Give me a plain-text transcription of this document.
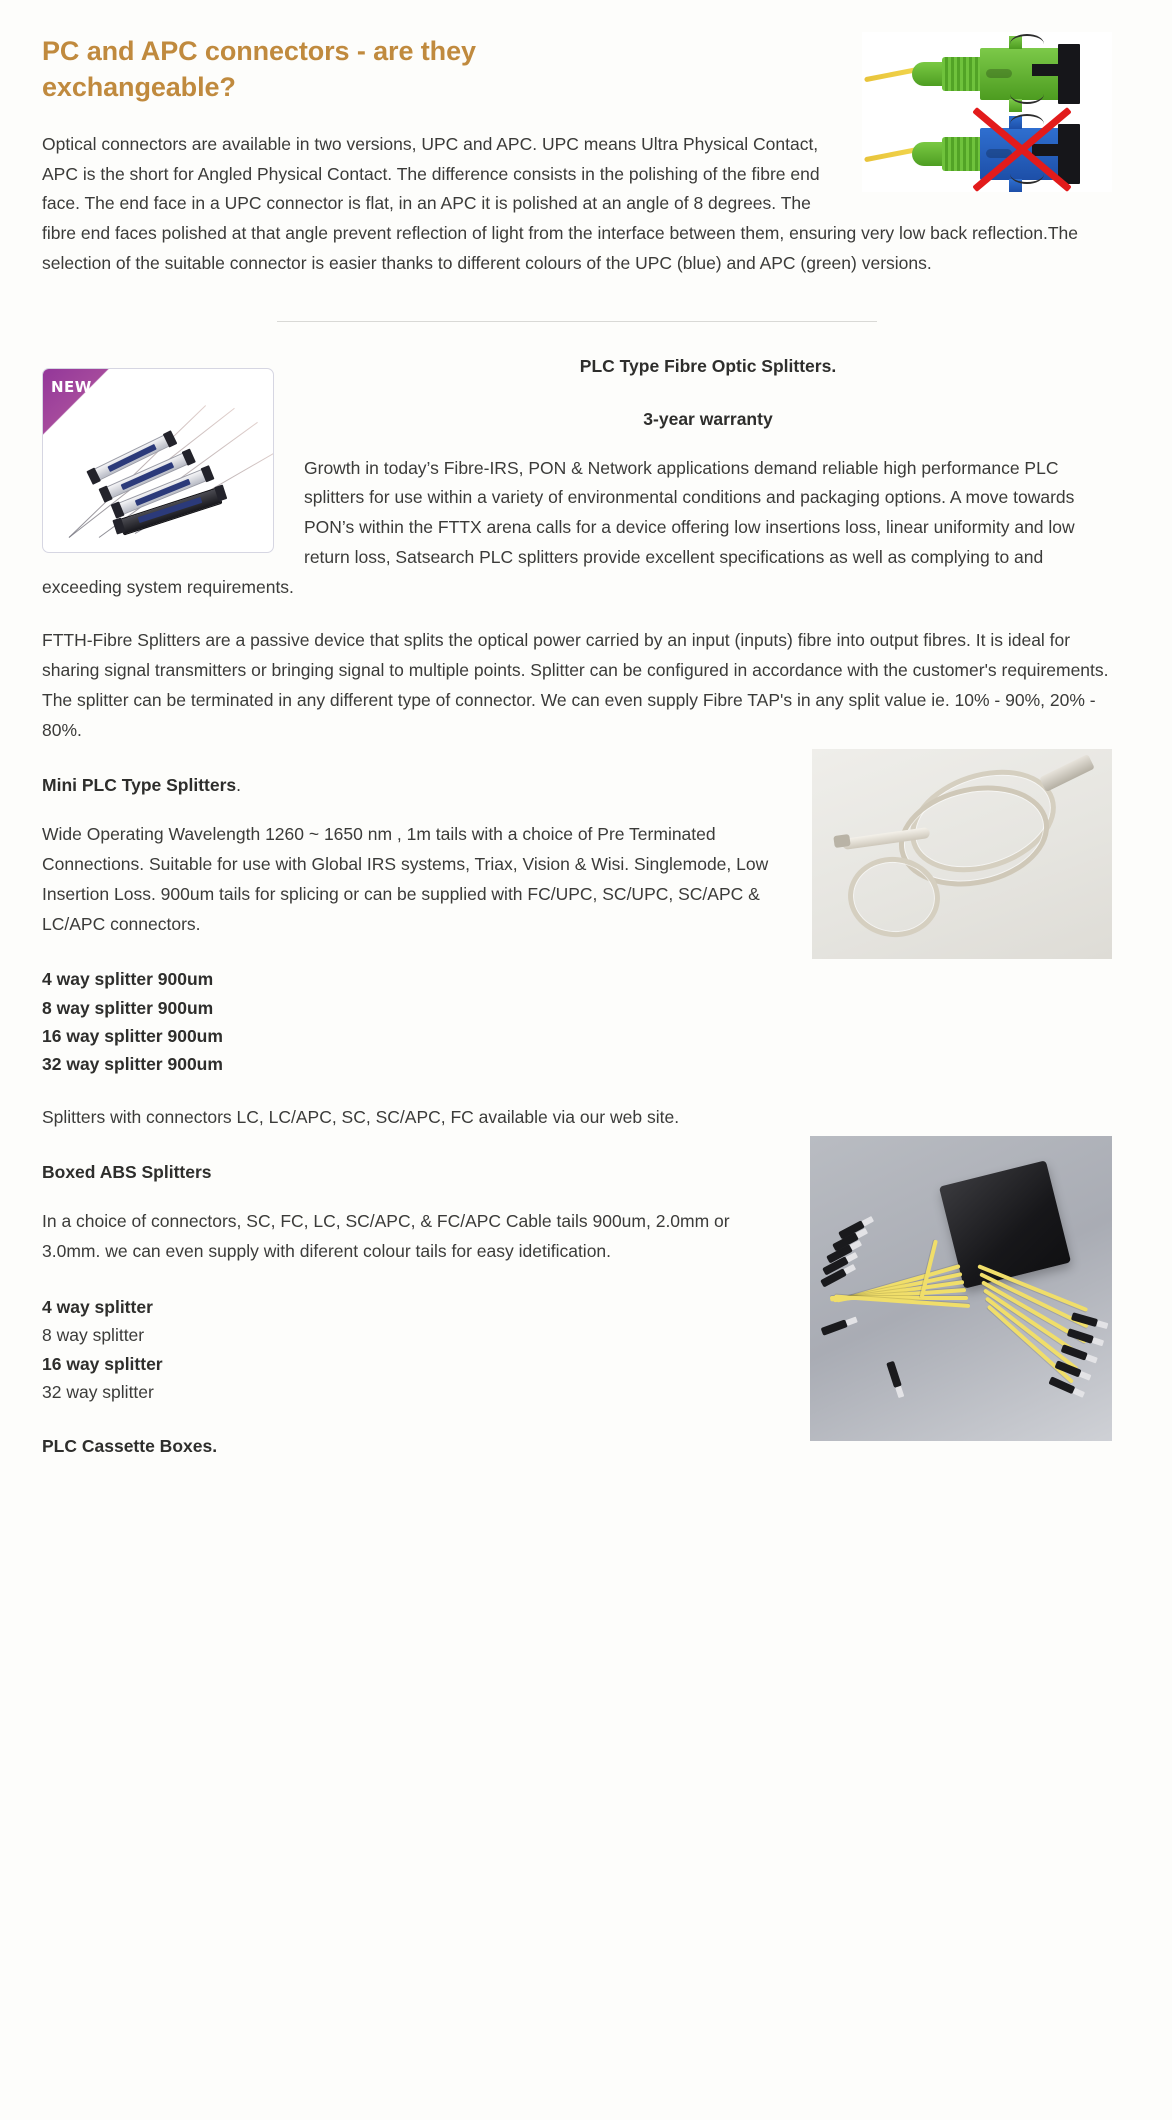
PC and APC connectors - are they exchangeable?

Optical connectors are available in two versions, UPC and APC. UPC means Ultra Physical Contact, APC is the short for Angled Physical Contact. The difference consists in the polishing of the fibre end face. The end face in a UPC connector is flat, in an APC it is polished at an angle of 8 degrees. The fibre end faces polished at that angle prevent reflection of light from the interface between them, ensuring very low back reflection.The selection of the suitable connector is easier thanks to different colours of the UPC (blue) and APC (green) versions.

NEW

PLC Type Fibre Optic Splitters.

3-year warranty

Growth in today’s Fibre-IRS, PON & Network applications demand reliable high performance PLC splitters for use within a variety of environmental conditions and packaging options. A move towards PON’s within the FTTX arena calls for a device offering low insertions loss, linear uniformity and low return loss, Satsearch PLC splitters provide excellent specifications as well as complying to and exceeding system requirements.

FTTH-Fibre Splitters are a passive device that splits the optical power carried by an input (inputs) fibre into output fibres. It is ideal for sharing signal transmitters or bringing signal to multiple points. Splitter can be configured in accordance with the customer's requirements. The splitter can be terminated in any different type of connector. We can even supply Fibre TAP's in any split value ie. 10% - 90%, 20% - 80%.

Mini PLC Type Splitters.

Wide Operating Wavelength 1260 ~ 1650 nm , 1m tails with a choice of Pre Terminated Connections. Suitable for use with Global IRS systems, Triax, Vision & Wisi. Singlemode, Low Insertion Loss. 900um tails for splicing or can be supplied with FC/UPC, SC/UPC, SC/APC & LC/APC connectors.

4 way splitter 900um
8 way splitter 900um
16 way splitter 900um
32 way splitter 900um

Splitters with connectors LC, LC/APC, SC, SC/APC, FC available via our web site.

Boxed ABS Splitters

In a choice of connectors, SC, FC, LC, SC/APC, & FC/APC Cable tails 900um, 2.0mm or 3.0mm. we can even supply with diferent colour tails for easy idetification.

4 way splitter
8 way splitter
16 way splitter
32 way splitter

PLC Cassette Boxes.
